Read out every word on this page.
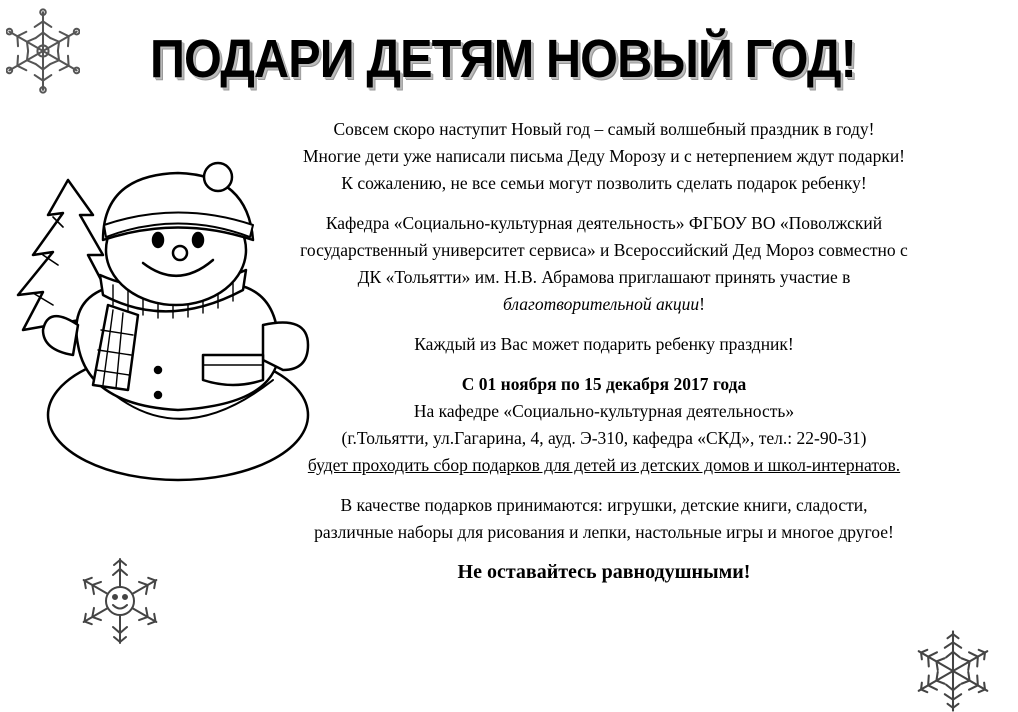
ПОДАРИ ДЕТЯМ НОВЫЙ ГОД!

Совсем скоро наступит Новый год – самый волшебный праздник в году!
Многие дети уже написали письма Деду Морозу и с нетерпением ждут подарки!
К сожалению, не все семьи могут позволить сделать подарок ребенку!

Кафедра «Социально-культурная деятельность» ФГБОУ ВО «Поволжский
государственный университет сервиса» и Всероссийский Дед Мороз совместно с
ДК «Тольятти» им. Н.В. Абрамова приглашают принять участие в
благотворительной акции!

Каждый из Вас может подарить ребенку праздник!

С 01 ноября по 15 декабря 2017 года
На кафедре «Социально-культурная деятельность»
(г.Тольятти, ул.Гагарина, 4, ауд. Э-310, кафедра «СКД», тел.: 22-90-31)
будет проходить сбор подарков для детей из детских домов и школ-интернатов.

В качестве подарков принимаются: игрушки, детские книги, сладости,
различные наборы для рисования и лепки, настольные игры и многое другое!

Не оставайтесь равнодушными!
